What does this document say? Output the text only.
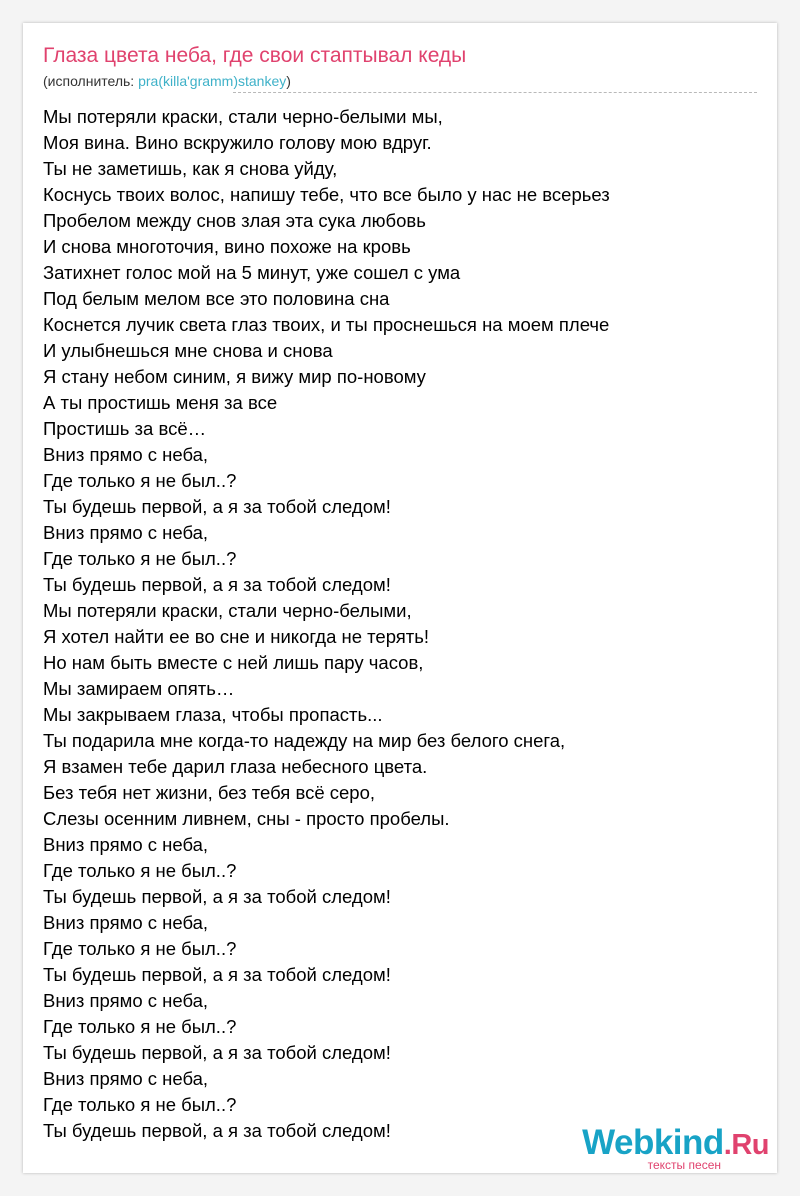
Глаза цвета неба, где свои стаптывал кеды
(исполнитель: pra(killa'gramm)stankey)
Мы потеряли краски, стали черно-белыми мы,
Моя вина. Вино вскружило голову мою вдруг.
Ты не заметишь, как я снова уйду,
Коснусь твоих волос, напишу тебе, что все было у нас не всерьез
Пробелом между снов злая эта сука любовь
И снова многоточия, вино похоже на кровь
Затихнет голос мой на 5 минут, уже сошел с ума
Под белым мелом все это половина сна
Коснется лучик света глаз твоих, и ты проснешься на моем плече
И улыбнешься мне снова и снова
Я стану небом синим, я вижу мир по-новому
А ты простишь меня за все
Простишь за всё…
Вниз прямо с неба,
Где только я не был..?
Ты будешь первой, а я за тобой следом!
Вниз прямо с неба,
Где только я не был..?
Ты будешь первой, а я за тобой следом!
Мы потеряли краски, стали черно-белыми,
Я хотел найти ее во сне и никогда не терять!
Но нам быть вместе с ней лишь пару часов,
Мы замираем опять…
Мы закрываем глаза, чтобы пропасть...
Ты подарила мне когда-то надежду на мир без белого снега,
Я взамен тебе дарил глаза небесного цвета.
Без тебя нет жизни, без тебя всё серо,
Слезы осенним ливнем, сны - просто пробелы.
Вниз прямо с неба,
Где только я не был..?
Ты будешь первой, а я за тобой следом!
Вниз прямо с неба,
Где только я не был..?
Ты будешь первой, а я за тобой следом!
Вниз прямо с неба,
Где только я не был..?
Ты будешь первой, а я за тобой следом!
Вниз прямо с неба,
Где только я не был..?
Ты будешь первой, а я за тобой следом!	Webkind.Ru
тексты песен
